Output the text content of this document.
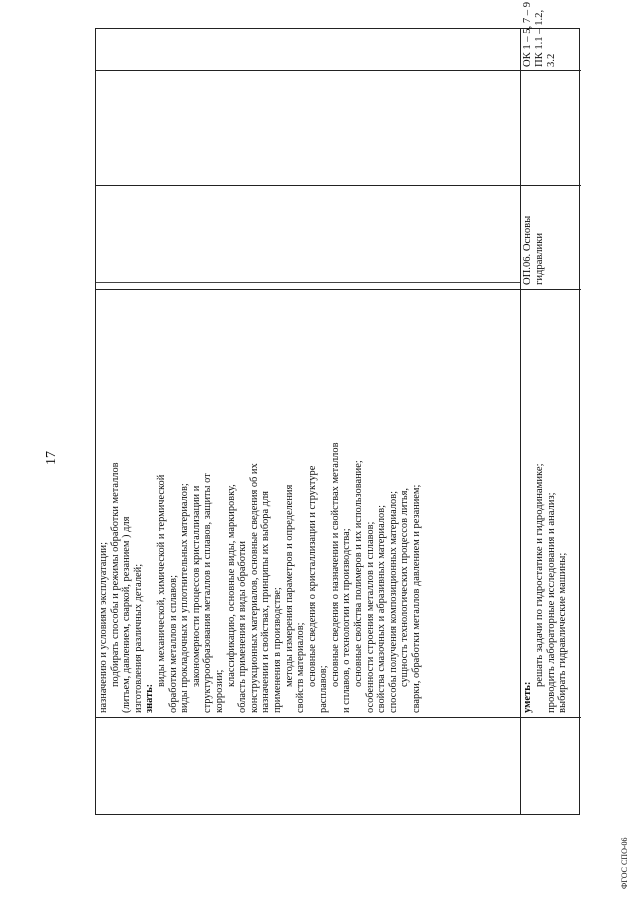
17
назначению и условиям эксплуатации; подбирать способы и режимы обработки металлов (литьем, давлением, сваркой, резанием ) для изготовления различных деталей; знать:
виды механической, химической и термической обработки металлов и сплавов; виды прокладочных и уплотнительных материалов; закономерности процессов кристаллизации и структурообразования металлов и сплавов, защиты от коррозии;
классификацию, основные виды, маркировку, область применения и виды обработки конструкционных материалов, основные сведения об их назначении и свойствах, принципы их выбора для применения в производстве; методы измерения параметров и определения свойств материалов; основные сведения о кристаллизации и структуре
расплавов;
основные сведения о назначении и свойствах металлов и сплавов, о технологии их производства; основные свойства полимеров и их использование; особенности строения металлов и сплавов; свойства смазочных и абразивных материалов; способы получения композиционных материалов; сущность технологических процессов литья, сварки, обработки металлов давлением и резанием;	уметь:
решать задачи по гидростатике и гидродинамике; проводить лабораторные исследования и анализ; выбирать гидравлические машины;
ОП.06. Основы гидравлики
ОК 1 – 5, 7 – 9 ПК 1.1 – 1.2, 3.2
ФГОС СПО-06
